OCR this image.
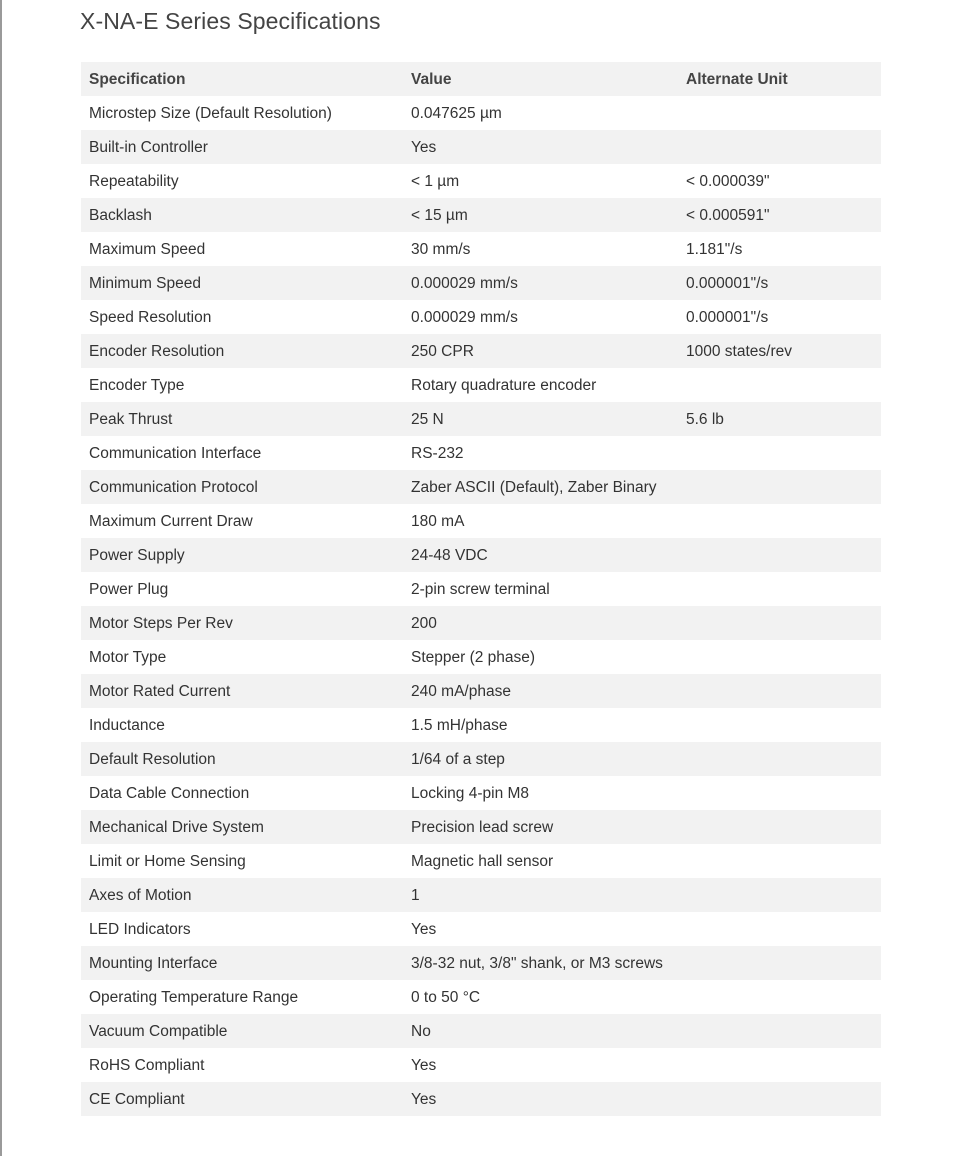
X-NA-E Series Specifications
Specification	Value	Alternate Unit
Microstep Size (Default Resolution)	0.047625 µm	
Built-in Controller	Yes	
Repeatability	< 1 µm	< 0.000039"
Backlash	< 15 µm	< 0.000591"
Maximum Speed	30 mm/s	1.181"/s
Minimum Speed	0.000029 mm/s	0.000001"/s
Speed Resolution	0.000029 mm/s	0.000001"/s
Encoder Resolution	250 CPR	1000 states/rev
Encoder Type	Rotary quadrature encoder	
Peak Thrust	25 N	5.6 lb
Communication Interface	RS-232	
Communication Protocol	Zaber ASCII (Default), Zaber Binary	
Maximum Current Draw	180 mA	
Power Supply	24-48 VDC	
Power Plug	2-pin screw terminal	
Motor Steps Per Rev	200	
Motor Type	Stepper (2 phase)	
Motor Rated Current	240 mA/phase	
Inductance	1.5 mH/phase	
Default Resolution	1/64 of a step	
Data Cable Connection	Locking 4-pin M8	
Mechanical Drive System	Precision lead screw	
Limit or Home Sensing	Magnetic hall sensor	
Axes of Motion	1	
LED Indicators	Yes	
Mounting Interface	3/8-32 nut, 3/8" shank, or M3 screws	
Operating Temperature Range	0 to 50 °C	
Vacuum Compatible	No	
RoHS Compliant	Yes	
CE Compliant	Yes	
